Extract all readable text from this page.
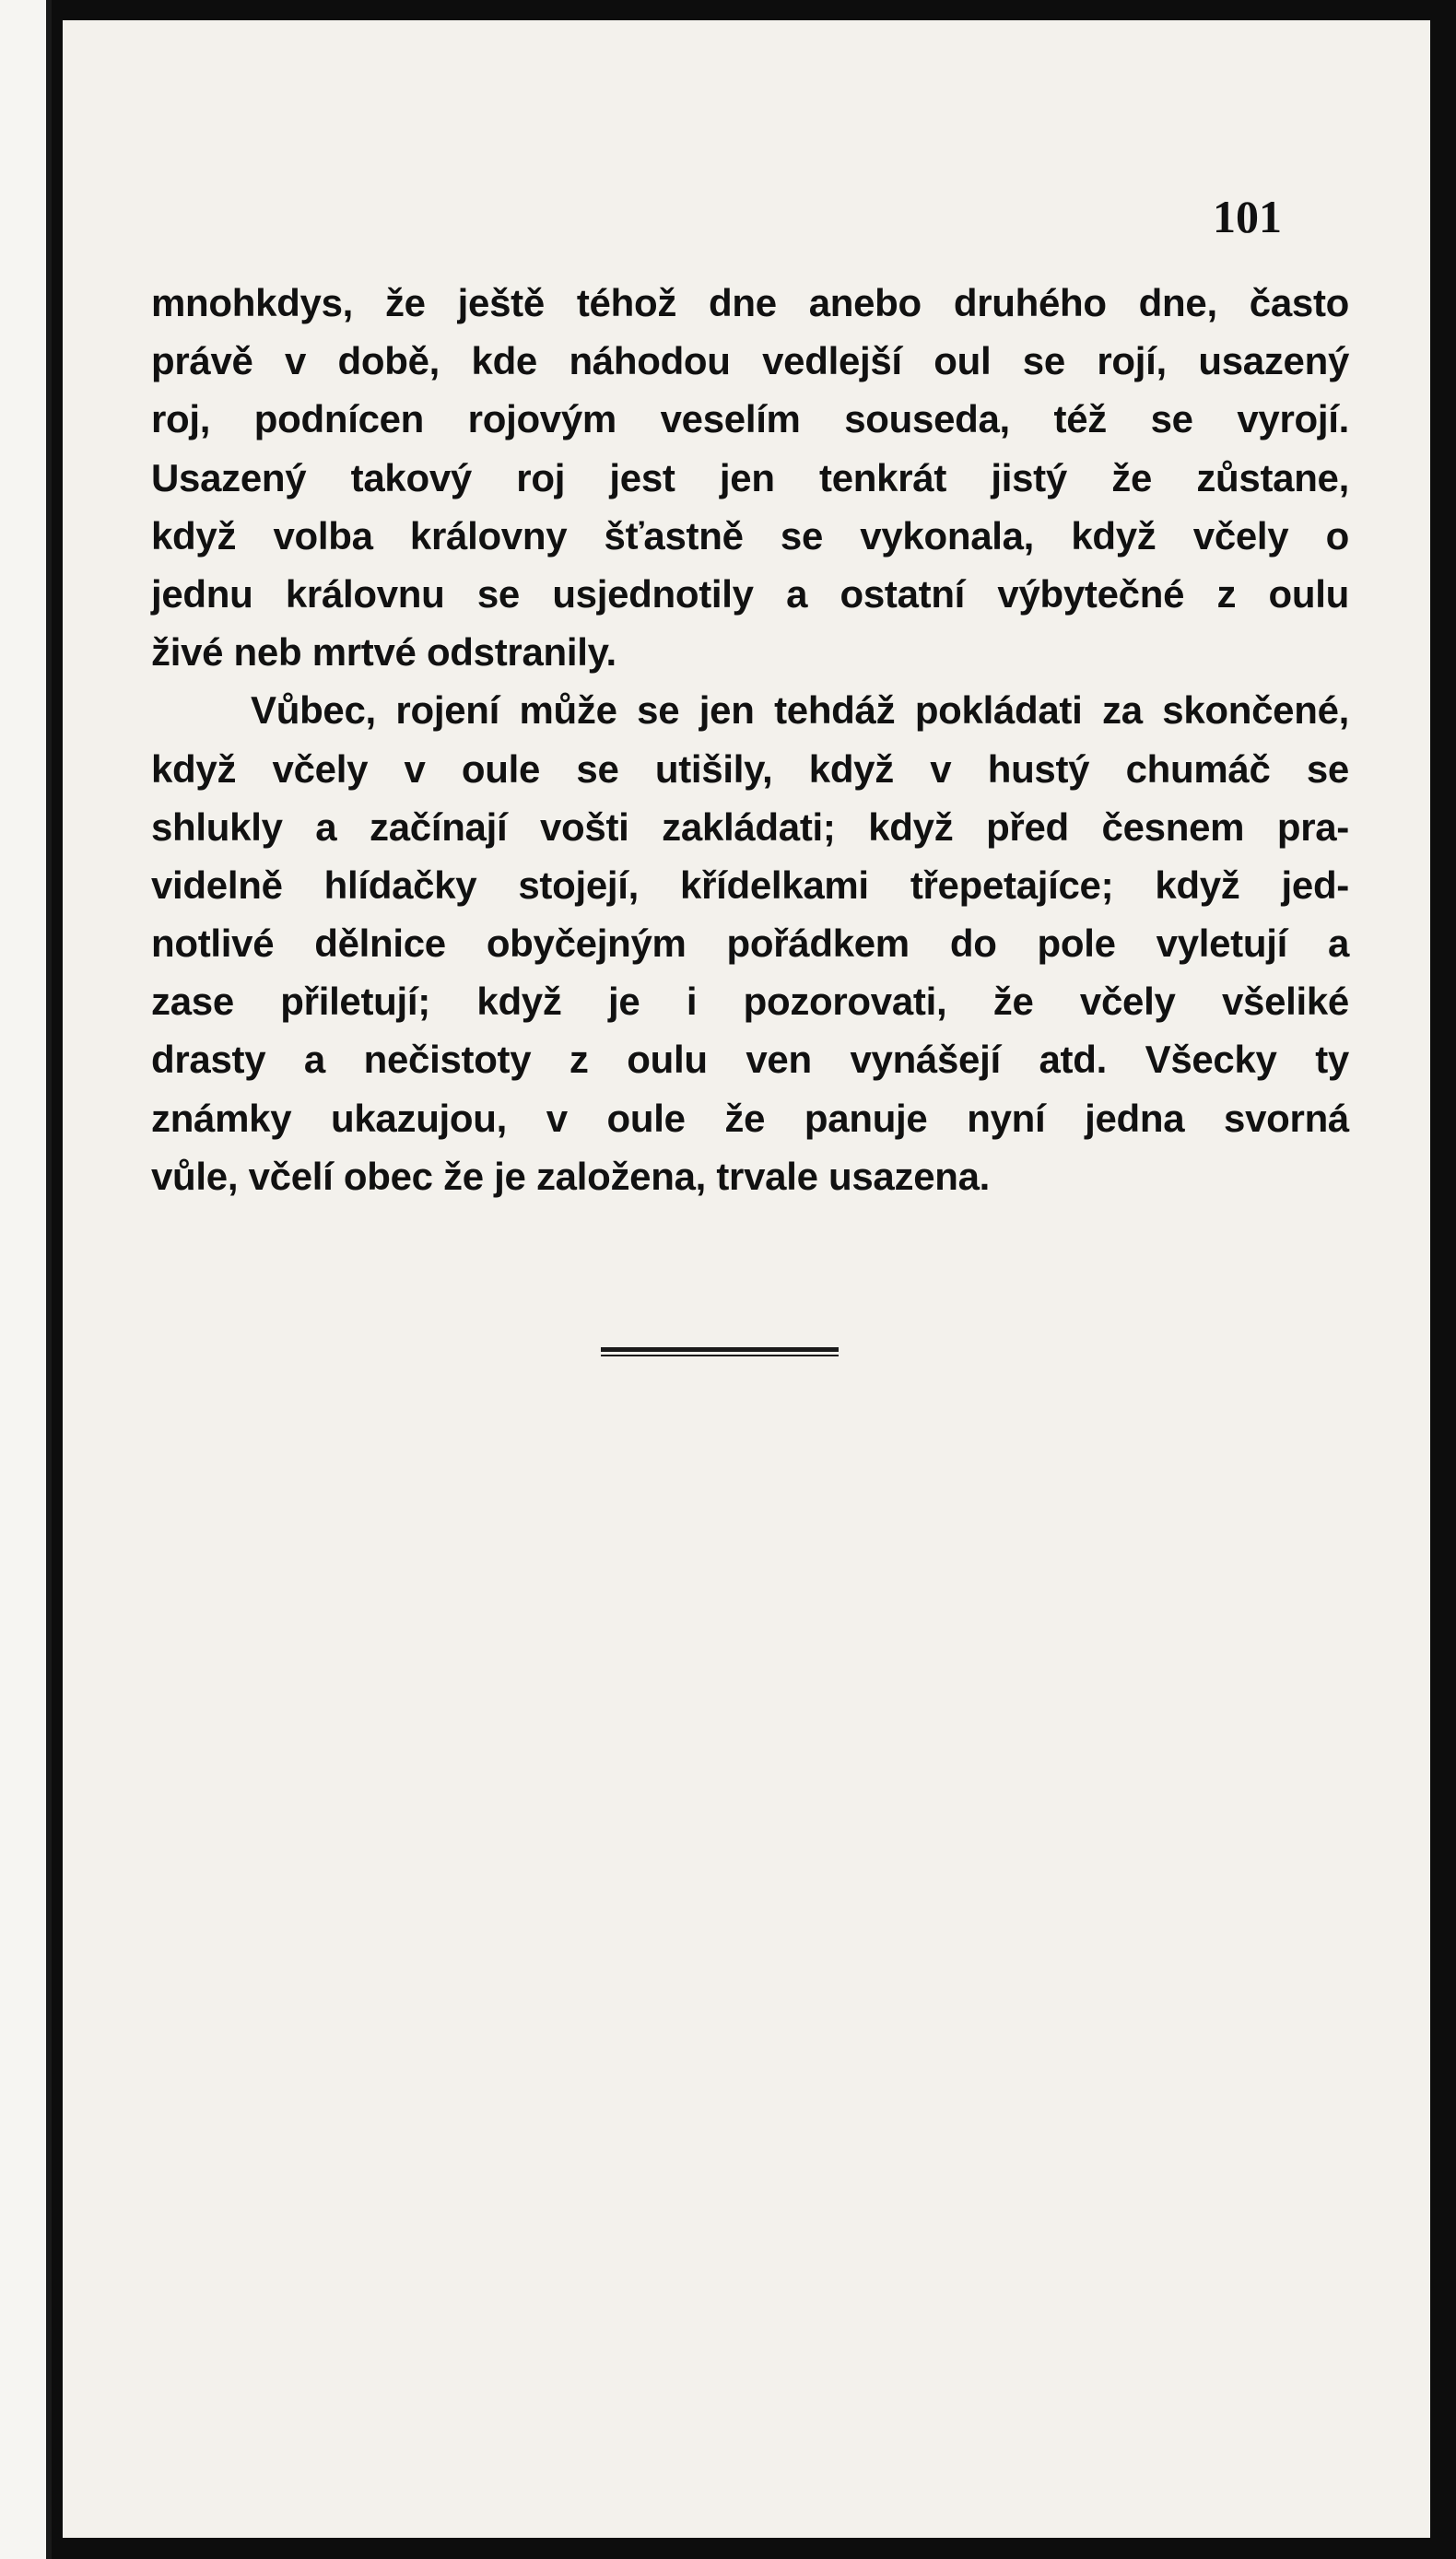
101
mnohkdys, že ještě téhož dne anebo druhého dne, často
právě v době, kde náhodou vedlejší oul se rojí, usazený
roj, podnícen rojovým veselím souseda, též se vyrojí.
Usazený takový roj jest jen tenkrát jistý že zůstane,
když volba královny šťastně se vykonala, když včely o
jednu královnu se usjednotily a ostatní výbytečné z oulu
živé neb mrtvé odstranily.
Vůbec, rojení může se jen tehdáž pokládati za skončené,
když včely v oule se utišily, když v hustý chumáč se
shlukly a začínají vošti zakládati; když před česnem pra-
videlně hlídačky stojejí, křídelkami třepetajíce; když jed-
notlivé dělnice obyčejným pořádkem do pole vyletují a
zase přiletují; když je i pozorovati, že včely všeliké
drasty a nečistoty z oulu ven vynášejí atd. Všecky ty
známky ukazujou, v oule že panuje nyní jedna svorná
vůle, včelí obec že je založena, trvale usazena.
